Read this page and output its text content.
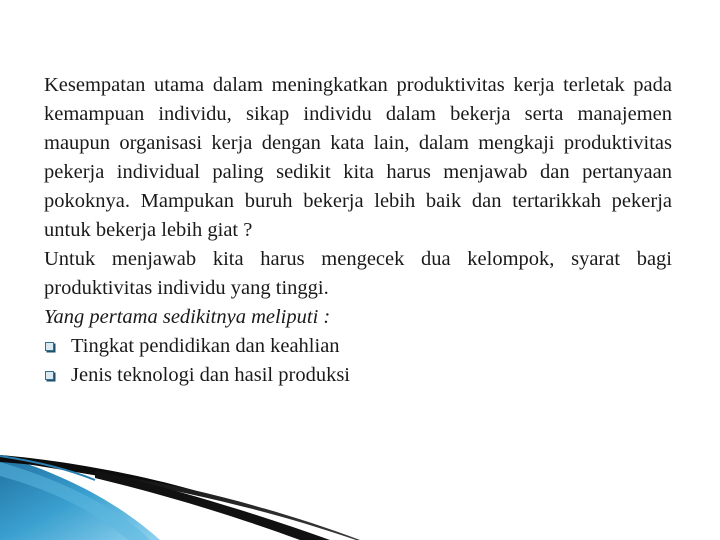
Kesempatan utama dalam meningkatkan produktivitas kerja terletak pada kemampuan individu, sikap individu dalam bekerja serta manajemen maupun organisasi kerja dengan kata lain, dalam mengkaji produktivitas pekerja individual paling sedikit kita harus menjawab dan pertanyaan pokoknya. Mampukan buruh bekerja lebih baik dan tertarikkah pekerja untuk bekerja lebih giat ?

Untuk menjawab kita harus mengecek dua kelompok, syarat bagi produktivitas individu yang tinggi.

Yang pertama sedikitnya meliputi :

Tingkat pendidikan dan keahlian
Jenis teknologi dan hasil produksi
